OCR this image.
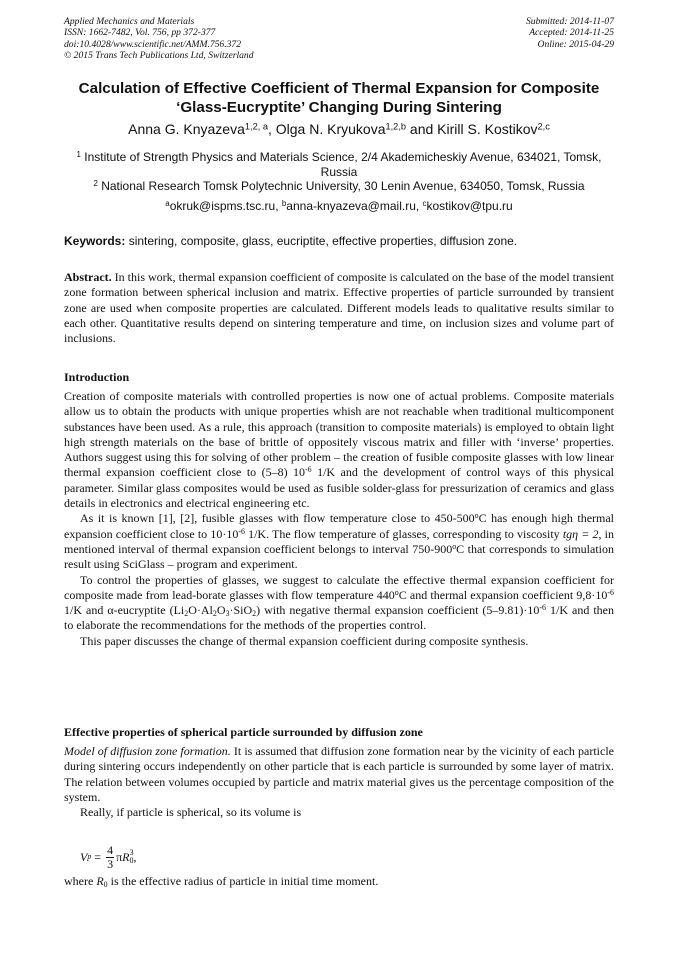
Applied Mechanics and Materials
ISSN: 1662-7482, Vol. 756, pp 372-377
doi:10.4028/www.scientific.net/AMM.756.372
© 2015 Trans Tech Publications Ltd, Switzerland
Submitted: 2014-11-07
Accepted: 2014-11-25
Online: 2015-04-29
Calculation of Effective Coefficient of Thermal Expansion for Composite
‘Glass-Eucryptite’ Changing During Sintering
Anna G. Knyazeva$^{1,2, a}$, Olga N. Kryukova$^{1,2,b}$ and Kirill S. Kostikov$^{2,c}$
$^1$ Institute of Strength Physics and Materials Science, 2/4 Akademicheskiy Avenue, 634021, Tomsk, Russia
$^2$ National Research Tomsk Polytechnic University, 30 Lenin Avenue, 634050, Tomsk, Russia
$^a$okruk@ispms.tsc.ru, $^b$anna-knyazeva@mail.ru, $^c$kostikov@tpu.ru
Keywords: sintering, composite, glass, eucriptite, effective properties, diffusion zone.

Abstract. In this work, thermal expansion coefficient of composite is calculated on the base of the model transient zone formation between spherical inclusion and matrix. Effective properties of particle surrounded by transient zone are used when composite properties are calculated. Different models leads to qualitative results similar to each other. Quantitative results depend on sintering temperature and time, on inclusion sizes and volume part of inclusions.

Introduction

Creation of composite materials with controlled properties is now one of actual problems. Composite materials allow us to obtain the products with unique properties whish are not reachable when traditional multicomponent substances have been used. As a rule, this approach (transition to composite materials) is employed to obtain light high strength materials on the base of brittle of oppositely viscous matrix and filler with ‘inverse’ properties. Authors suggest using this for solving of other problem – the creation of fusible composite glasses with low linear thermal expansion coefficient close to (5–8) $10^{-6}$ 1/K and the development of control ways of this physical parameter. Similar glass composites would be used as fusible solder-glass for pressurization of ceramics and glass details in electronics and electrical engineering etc.

As it is known [1], [2], fusible glasses with flow temperature close to 450-500$^o$C has enough high thermal expansion coefficient close to $10\cdot 10^{-6}$ 1/K. The flow temperature of glasses, corresponding to viscosity tgη = 2, in mentioned interval of thermal expansion coefficient belongs to interval 750-900$^o$C that corresponds to simulation result using SciGlass – program and experiment.

To control the properties of glasses, we suggest to calculate the effective thermal expansion coefficient for composite made from lead-borate glasses with flow temperature 440$^o$C and thermal expansion coefficient $9,8\cdot 10^{-6}$ 1/K and α-eucryptite $(Li_2O\cdot Al_2O_3\cdot SiO_2)$ with negative thermal expansion coefficient $(5-9.81)\cdot 10^{-6}$ 1/K and then to elaborate the recommendations for the methods of the properties control.

This paper discusses the change of thermal expansion coefficient during composite synthesis.

Effective properties of spherical particle surrounded by diffusion zone

Model of diffusion zone formation. It is assumed that diffusion zone formation near by the vicinity of each particle during sintering occurs independently on other particle that is each particle is surrounded by some layer of matrix. The relation between volumes occupied by particle and matrix material gives us the percentage composition of the system.

Really, if particle is spherical, so its volume is

V $p = \frac{4}{3}$ π R 3
0 ,
where $R_0$ is the effective radius of particle in initial time moment.
